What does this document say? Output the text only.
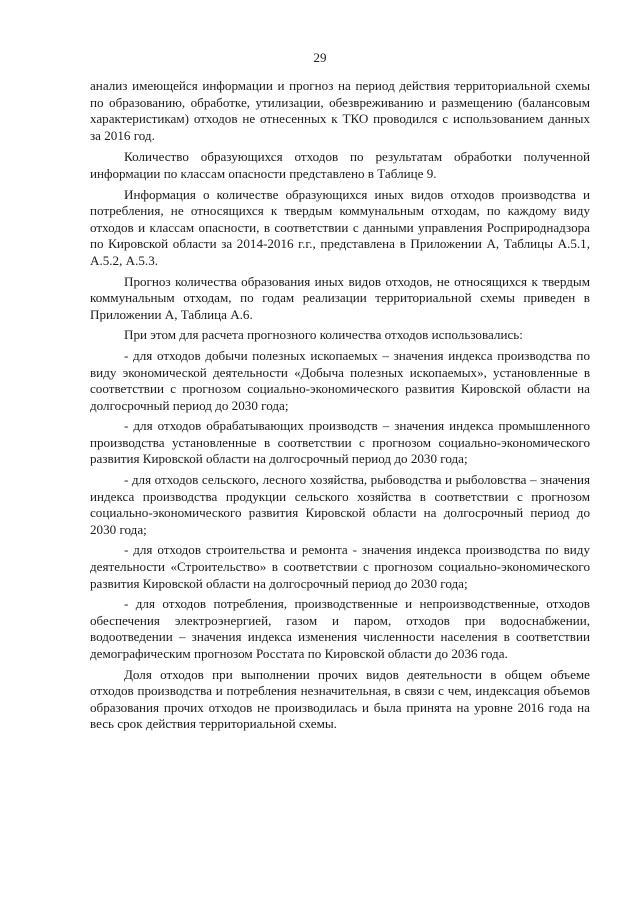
29

анализ имеющейся информации и прогноз на период действия территориальной схемы по образованию, обработке, утилизации, обезвреживанию и размещению (балансовым характеристикам) отходов не отнесенных к ТКО проводился с использованием данных за 2016 год.

Количество образующихся отходов по результатам обработки полученной информации по классам опасности представлено в Таблице 9.

Информация о количестве образующихся иных видов отходов производства и потребления, не относящихся к твердым коммунальным отходам, по каждому виду отходов и классам опасности, в соответствии с данными управления Росприроднадзора по Кировской области за 2014-2016 г.г., представлена в Приложении А, Таблицы А.5.1, А.5.2, А.5.3.

Прогноз количества образования иных видов отходов, не относящихся к твердым коммунальным отходам, по годам реализации территориальной схемы приведен в Приложении А, Таблица А.6.

При этом для расчета прогнозного количества отходов использовались:

- для отходов добычи полезных ископаемых – значения индекса производства по виду экономической деятельности «Добыча полезных ископаемых», установленные в соответствии с прогнозом социально-экономического развития Кировской области на долгосрочный период до 2030 года;

- для отходов обрабатывающих производств – значения индекса промышленного производства установленные в соответствии с прогнозом социально-экономического развития Кировской области на долгосрочный период до 2030 года;

- для отходов сельского, лесного хозяйства, рыбоводства и рыболовства – значения индекса производства продукции сельского хозяйства в соответствии с прогнозом социально-экономического развития Кировской области на долгосрочный период до 2030 года;

- для отходов строительства и ремонта - значения индекса производства по виду деятельности «Строительство» в соответствии с прогнозом социально-экономического развития Кировской области на долгосрочный период до 2030 года;

- для отходов потребления, производственные и непроизводственные, отходов обеспечения электроэнергией, газом и паром, отходов при водоснабжении, водоотведении – значения индекса изменения численности населения в соответствии демографическим прогнозом Росстата по Кировской области до 2036 года.

Доля отходов при выполнении прочих видов деятельности в общем объеме отходов производства и потребления незначительная, в связи с чем, индексация объемов образования прочих отходов не производилась и была принята на уровне 2016 года на весь срок действия территориальной схемы.
